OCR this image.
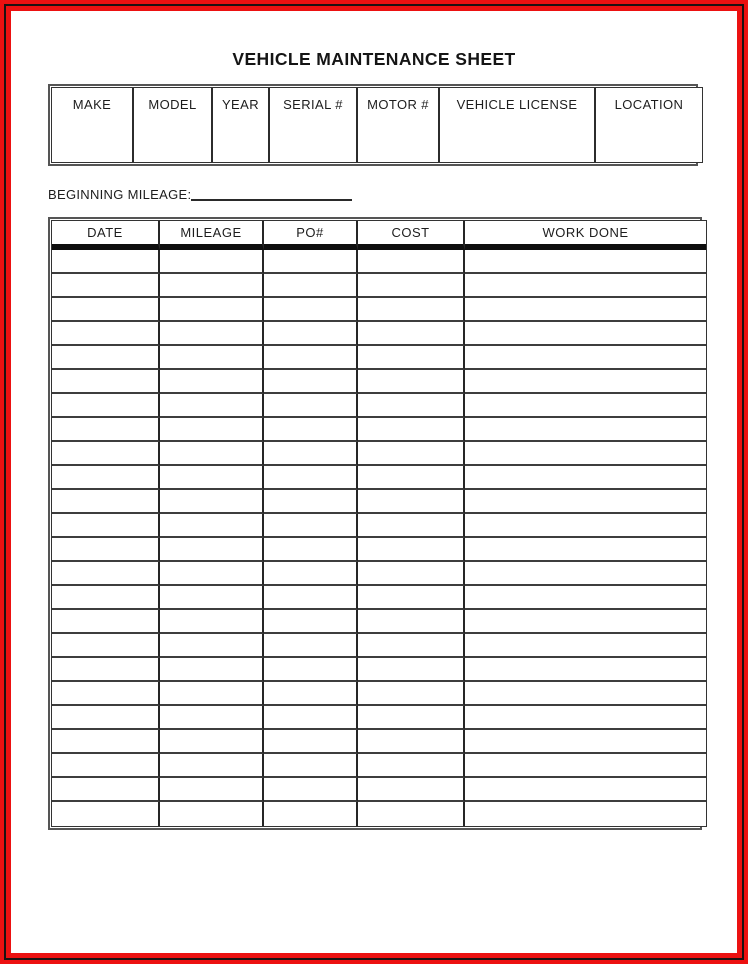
VEHICLE MAINTENANCE SHEET
MAKE	MODEL	YEAR	SERIAL #	MOTOR #	VEHICLE LICENSE	LOCATION
BEGINNING MILEAGE:
DATE	MILEAGE	PO#	COST	WORK DONE
